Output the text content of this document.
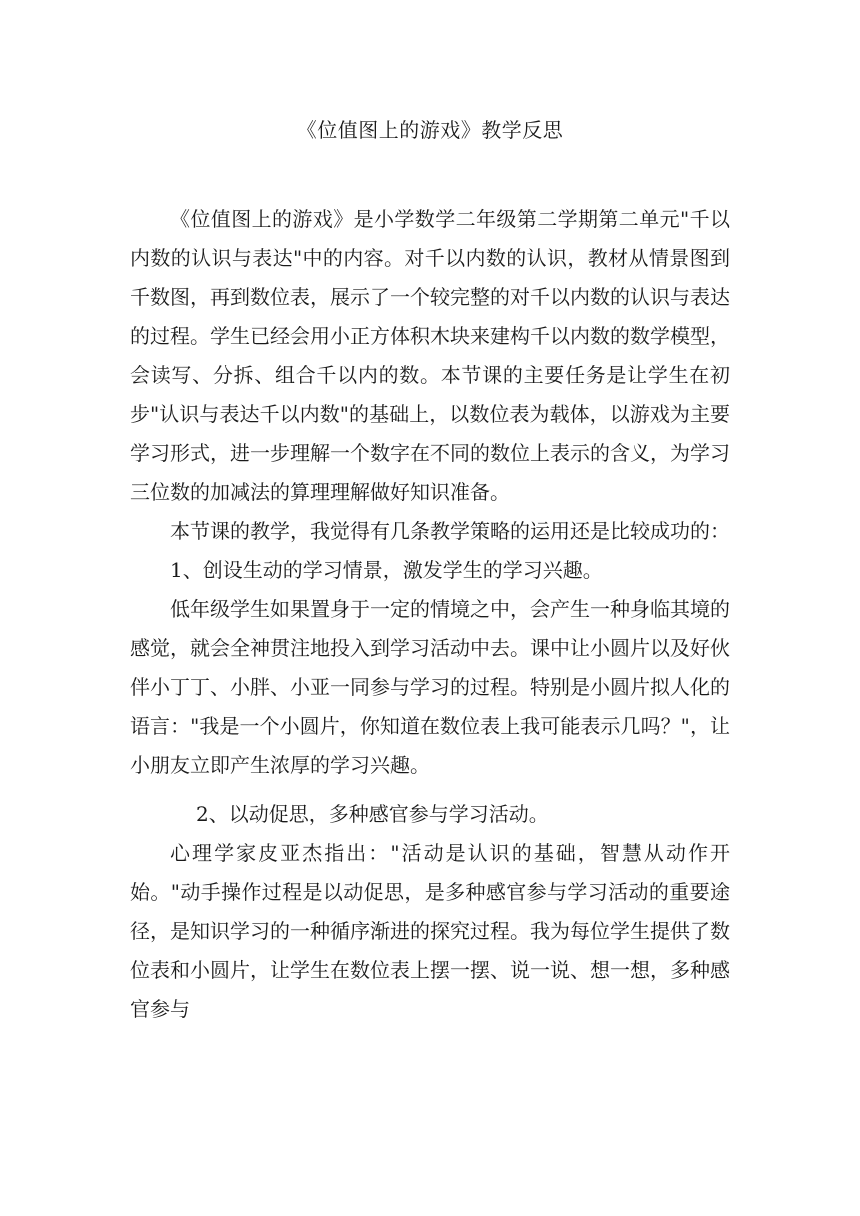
《位值图上的游戏》教学反思

《位值图上的游戏》是小学数学二年级第二学期第二单元"千以内数的认识与表达"中的内容。对千以内数的认识，教材从情景图到千数图，再到数位表，展示了一个较完整的对千以内数的认识与表达的过程。学生已经会用小正方体积木块来建构千以内数的数学模型，会读写、分拆、组合千以内的数。本节课的主要任务是让学生在初步"认识与表达千以内数"的基础上，以数位表为载体，以游戏为主要学习形式，进一步理解一个数字在不同的数位上表示的含义，为学习三位数的加减法的算理理解做好知识准备。

本节课的教学，我觉得有几条教学策略的运用还是比较成功的：

1、创设生动的学习情景，激发学生的学习兴趣。

低年级学生如果置身于一定的情境之中，会产生一种身临其境的感觉，就会全神贯注地投入到学习活动中去。课中让小圆片以及好伙伴小丁丁、小胖、小亚一同参与学习的过程。特别是小圆片拟人化的语言："我是一个小圆片，你知道在数位表上我可能表示几吗？"，让小朋友立即产生浓厚的学习兴趣。

2、以动促思，多种感官参与学习活动。

心理学家皮亚杰指出："活动是认识的基础，智慧从动作开始。"动手操作过程是以动促思，是多种感官参与学习活动的重要途径，是知识学习的一种循序渐进的探究过程。我为每位学生提供了数位表和小圆片，让学生在数位表上摆一摆、说一说、想一想，多种感官参与
